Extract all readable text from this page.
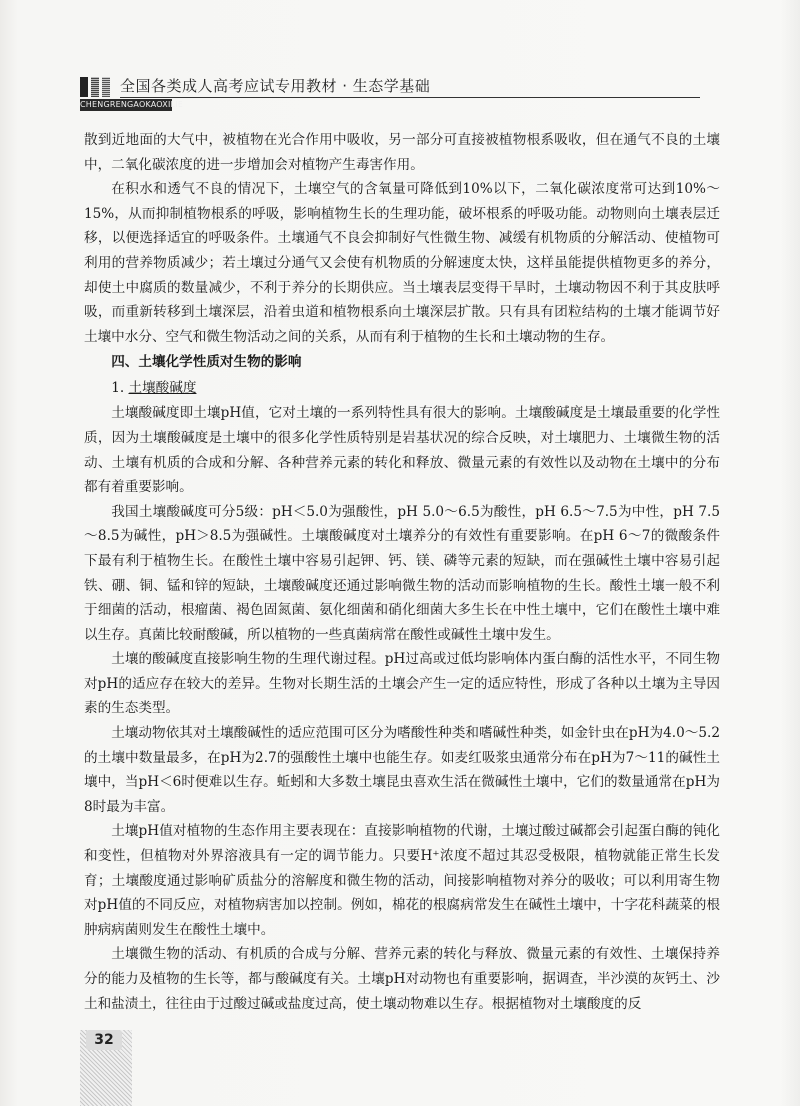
全国各类成人高考应试专用教材 · 生态学基础
CHENGRENGAOKAOXILIE

散到近地面的大气中，被植物在光合作用中吸收，另一部分可直接被植物根系吸收，但在通气不良的土壤中，二氧化碳浓度的进一步增加会对植物产生毒害作用。

在积水和透气不良的情况下，土壤空气的含氧量可降低到10%以下，二氧化碳浓度常可达到10%～15%，从而抑制植物根系的呼吸，影响植物生长的生理功能，破坏根系的呼吸功能。动物则向土壤表层迁移，以便选择适宜的呼吸条件。土壤通气不良会抑制好气性微生物、减缓有机物质的分解活动、使植物可利用的营养物质减少；若土壤过分通气又会使有机物质的分解速度太快，这样虽能提供植物更多的养分，却使土中腐质的数量减少，不利于养分的长期供应。当土壤表层变得干旱时，土壤动物因不利于其皮肤呼吸，而重新转移到土壤深层，沿着虫道和植物根系向土壤深层扩散。只有具有团粒结构的土壤才能调节好土壤中水分、空气和微生物活动之间的关系，从而有利于植物的生长和土壤动物的生存。

四、土壤化学性质对生物的影响
1. 土壤酸碱度

土壤酸碱度即土壤pH值，它对土壤的一系列特性具有很大的影响。土壤酸碱度是土壤最重要的化学性质，因为土壤酸碱度是土壤中的很多化学性质特别是岩基状况的综合反映，对土壤肥力、土壤微生物的活动、土壤有机质的合成和分解、各种营养元素的转化和释放、微量元素的有效性以及动物在土壤中的分布都有着重要影响。

我国土壤酸碱度可分5级：pH＜5.0为强酸性，pH 5.0～6.5为酸性，pH 6.5～7.5为中性，pH 7.5～8.5为碱性，pH＞8.5为强碱性。土壤酸碱度对土壤养分的有效性有重要影响。在pH 6～7的微酸条件下最有利于植物生长。在酸性土壤中容易引起钾、钙、镁、磷等元素的短缺，而在强碱性土壤中容易引起铁、硼、铜、锰和锌的短缺，土壤酸碱度还通过影响微生物的活动而影响植物的生长。酸性土壤一般不利于细菌的活动，根瘤菌、褐色固氮菌、氨化细菌和硝化细菌大多生长在中性土壤中，它们在酸性土壤中难以生存。真菌比较耐酸碱，所以植物的一些真菌病常在酸性或碱性土壤中发生。

土壤的酸碱度直接影响生物的生理代谢过程。pH过高或过低均影响体内蛋白酶的活性水平，不同生物对pH的适应存在较大的差异。生物对长期生活的土壤会产生一定的适应特性，形成了各种以土壤为主导因素的生态类型。

土壤动物依其对土壤酸碱性的适应范围可区分为嗜酸性种类和嗜碱性种类，如金针虫在pH为4.0～5.2的土壤中数量最多，在pH为2.7的强酸性土壤中也能生存。如麦红吸浆虫通常分布在pH为7～11的碱性土壤中，当pH＜6时便难以生存。蚯蚓和大多数土壤昆虫喜欢生活在微碱性土壤中，它们的数量通常在pH为8时最为丰富。

土壤pH值对植物的生态作用主要表现在：直接影响植物的代谢，土壤过酸过碱都会引起蛋白酶的钝化和变性，但植物对外界溶液具有一定的调节能力。只要H⁺浓度不超过其忍受极限，植物就能正常生长发育；土壤酸度通过影响矿质盐分的溶解度和微生物的活动，间接影响植物对养分的吸收；可以利用寄生物对pH值的不同反应，对植物病害加以控制。例如，棉花的根腐病常发生在碱性土壤中，十字花科蔬菜的根肿病病菌则发生在酸性土壤中。

土壤微生物的活动、有机质的合成与分解、营养元素的转化与释放、微量元素的有效性、土壤保持养分的能力及植物的生长等，都与酸碱度有关。土壤pH对动物也有重要影响，据调查，半沙漠的灰钙土、沙土和盐渍土，往往由于过酸过碱或盐度过高，使土壤动物难以生存。根据植物对土壤酸度的反

32
